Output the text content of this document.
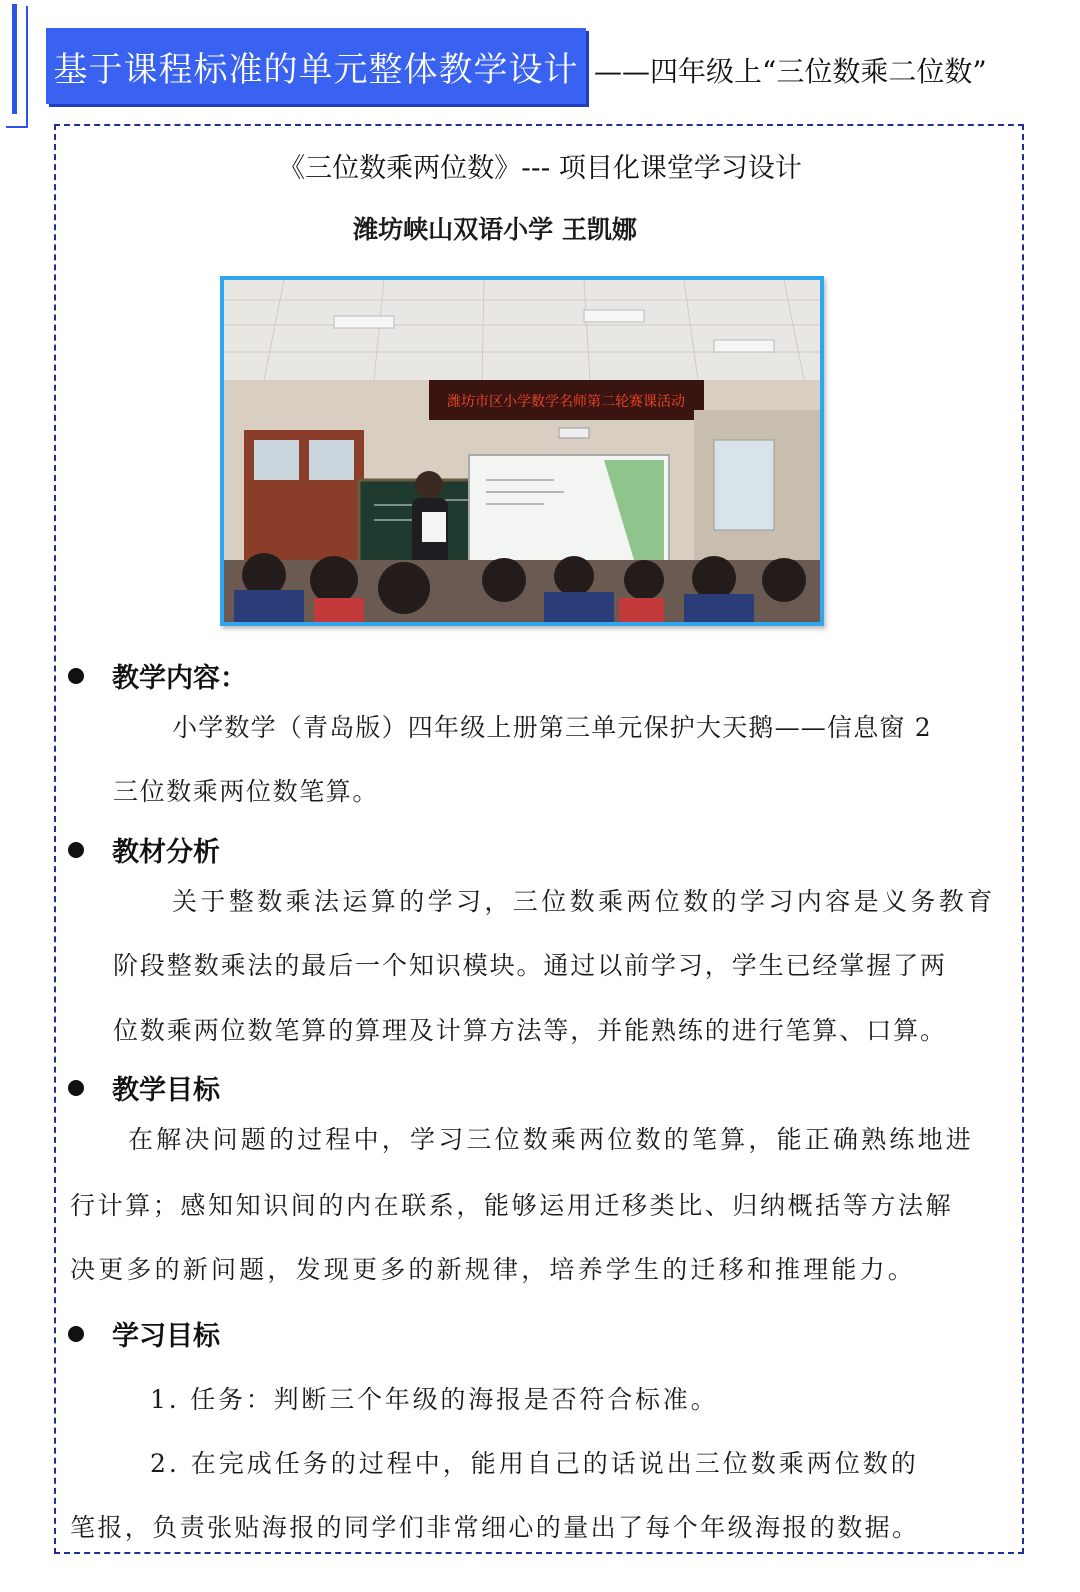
基于课程标准的单元整体教学设计 ——四年级上“三位数乘二位数”
《三位数乘两位数》--- 项目化课堂学习设计
潍坊峡山双语小学 王凯娜
潍坊市区小学数学名师第二轮赛课活动
教学内容：
小学数学（青岛版）四年级上册第三单元保护大天鹅——信息窗 2
三位数乘两位数笔算。
教材分析
关于整数乘法运算的学习，三位数乘两位数的学习内容是义务教育
阶段整数乘法的最后一个知识模块。通过以前学习，学生已经掌握了两
位数乘两位数笔算的算理及计算方法等，并能熟练的进行笔算、口算。
教学目标
在解决问题的过程中，学习三位数乘两位数的笔算，能正确熟练地进
行计算；感知知识间的内在联系，能够运用迁移类比、归纳概括等方法解
决更多的新问题，发现更多的新规律，培养学生的迁移和推理能力。
学习目标
1. 任务：判断三个年级的海报是否符合标准。
2. 在完成任务的过程中，能用自己的话说出三位数乘两位数的
笔报，负责张贴海报的同学们非常细心的量出了每个年级海报的数据。
